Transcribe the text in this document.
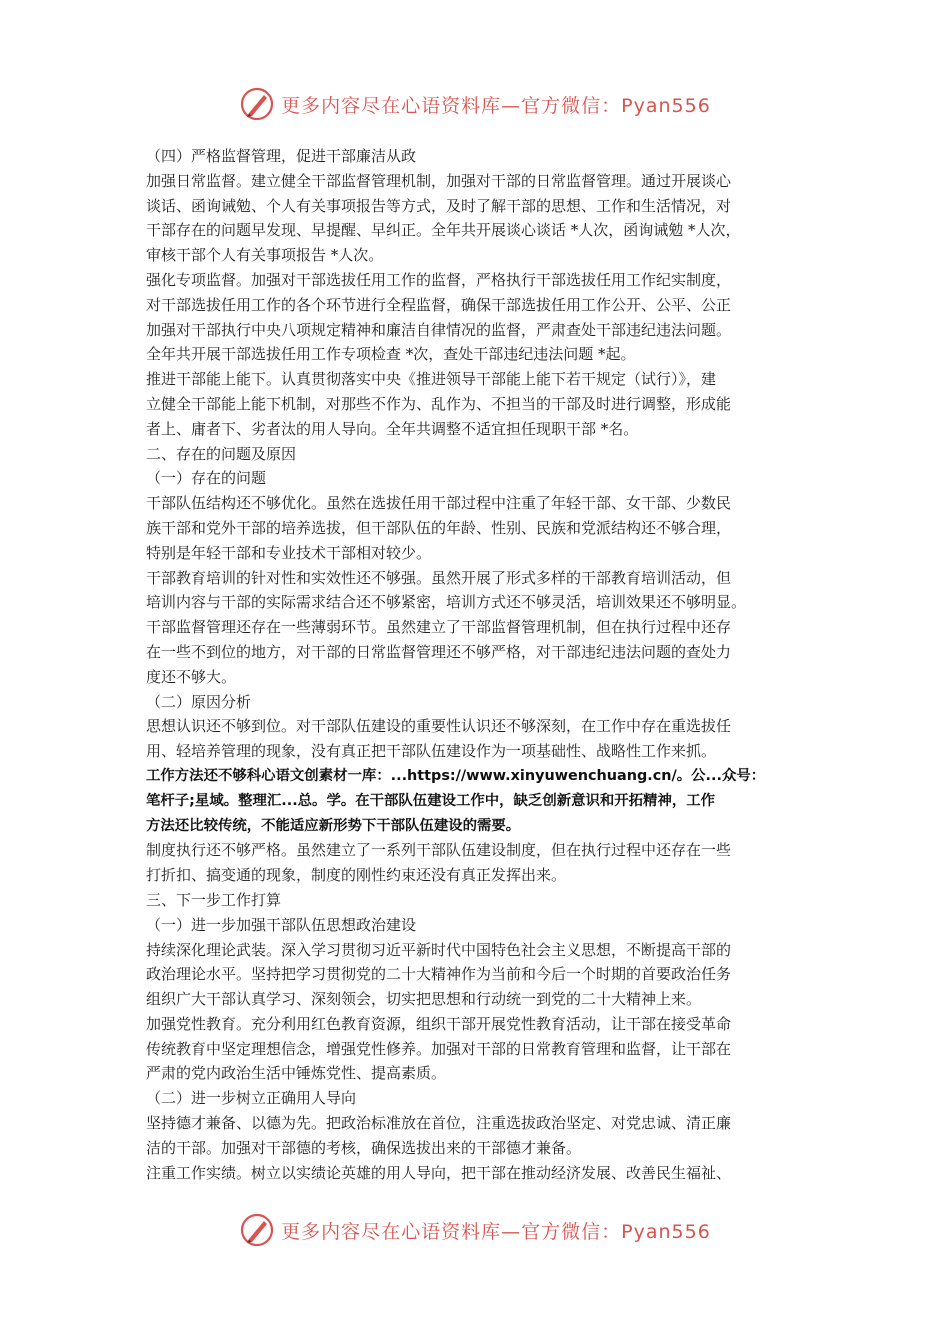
更多内容尽在心语资料库—官方微信：Pyan556
（四）严格监督管理，促进干部廉洁从政
加强日常监督。建立健全干部监督管理机制，加强对干部的日常监督管理。通过开展谈心
谈话、函询诫勉、个人有关事项报告等方式，及时了解干部的思想、工作和生活情况，对
干部存在的问题早发现、早提醒、早纠正。全年共开展谈心谈话 *人次，函询诫勉 *人次，
审核干部个人有关事项报告 *人次。
强化专项监督。加强对干部选拔任用工作的监督，严格执行干部选拔任用工作纪实制度，
对干部选拔任用工作的各个环节进行全程监督，确保干部选拔任用工作公开、公平、公正
加强对干部执行中央八项规定精神和廉洁自律情况的监督，严肃查处干部违纪违法问题。
全年共开展干部选拔任用工作专项检查 *次，查处干部违纪违法问题 *起。
推进干部能上能下。认真贯彻落实中央《推进领导干部能上能下若干规定（试行）》，建
立健全干部能上能下机制，对那些不作为、乱作为、不担当的干部及时进行调整，形成能
者上、庸者下、劣者汰的用人导向。全年共调整不适宜担任现职干部 *名。
二、存在的问题及原因
（一）存在的问题
干部队伍结构还不够优化。虽然在选拔任用干部过程中注重了年轻干部、女干部、少数民
族干部和党外干部的培养选拔，但干部队伍的年龄、性别、民族和党派结构还不够合理，
特别是年轻干部和专业技术干部相对较少。
干部教育培训的针对性和实效性还不够强。虽然开展了形式多样的干部教育培训活动，但
培训内容与干部的实际需求结合还不够紧密，培训方式还不够灵活，培训效果还不够明显。
干部监督管理还存在一些薄弱环节。虽然建立了干部监督管理机制，但在执行过程中还存
在一些不到位的地方，对干部的日常监督管理还不够严格，对干部违纪违法问题的查处力
度还不够大。
（二）原因分析
思想认识还不够到位。对干部队伍建设的重要性认识还不够深刻，在工作中存在重选拔任
用、轻培养管理的现象，没有真正把干部队伍建设作为一项基础性、战略性工作来抓。
工作方法还不够科心语文创素材一库：...https://www.xinyuwenchuang.cn/。公...众号：
笔杆子;星域。整理汇...总。学。在干部队伍建设工作中，缺乏创新意识和开拓精神，工作
方法还比较传统，不能适应新形势下干部队伍建设的需要。
制度执行还不够严格。虽然建立了一系列干部队伍建设制度，但在执行过程中还存在一些
打折扣、搞变通的现象，制度的刚性约束还没有真正发挥出来。
三、下一步工作打算
（一）进一步加强干部队伍思想政治建设
持续深化理论武装。深入学习贯彻习近平新时代中国特色社会主义思想，不断提高干部的
政治理论水平。坚持把学习贯彻党的二十大精神作为当前和今后一个时期的首要政治任务
组织广大干部认真学习、深刻领会，切实把思想和行动统一到党的二十大精神上来。
加强党性教育。充分利用红色教育资源，组织干部开展党性教育活动，让干部在接受革命
传统教育中坚定理想信念，增强党性修养。加强对干部的日常教育管理和监督，让干部在
严肃的党内政治生活中锤炼党性、提高素质。
（二）进一步树立正确用人导向
坚持德才兼备、以德为先。把政治标准放在首位，注重选拔政治坚定、对党忠诚、清正廉
洁的干部。加强对干部德的考核，确保选拔出来的干部德才兼备。
注重工作实绩。树立以实绩论英雄的用人导向，把干部在推动经济发展、改善民生福祉、
更多内容尽在心语资料库—官方微信：Pyan556
